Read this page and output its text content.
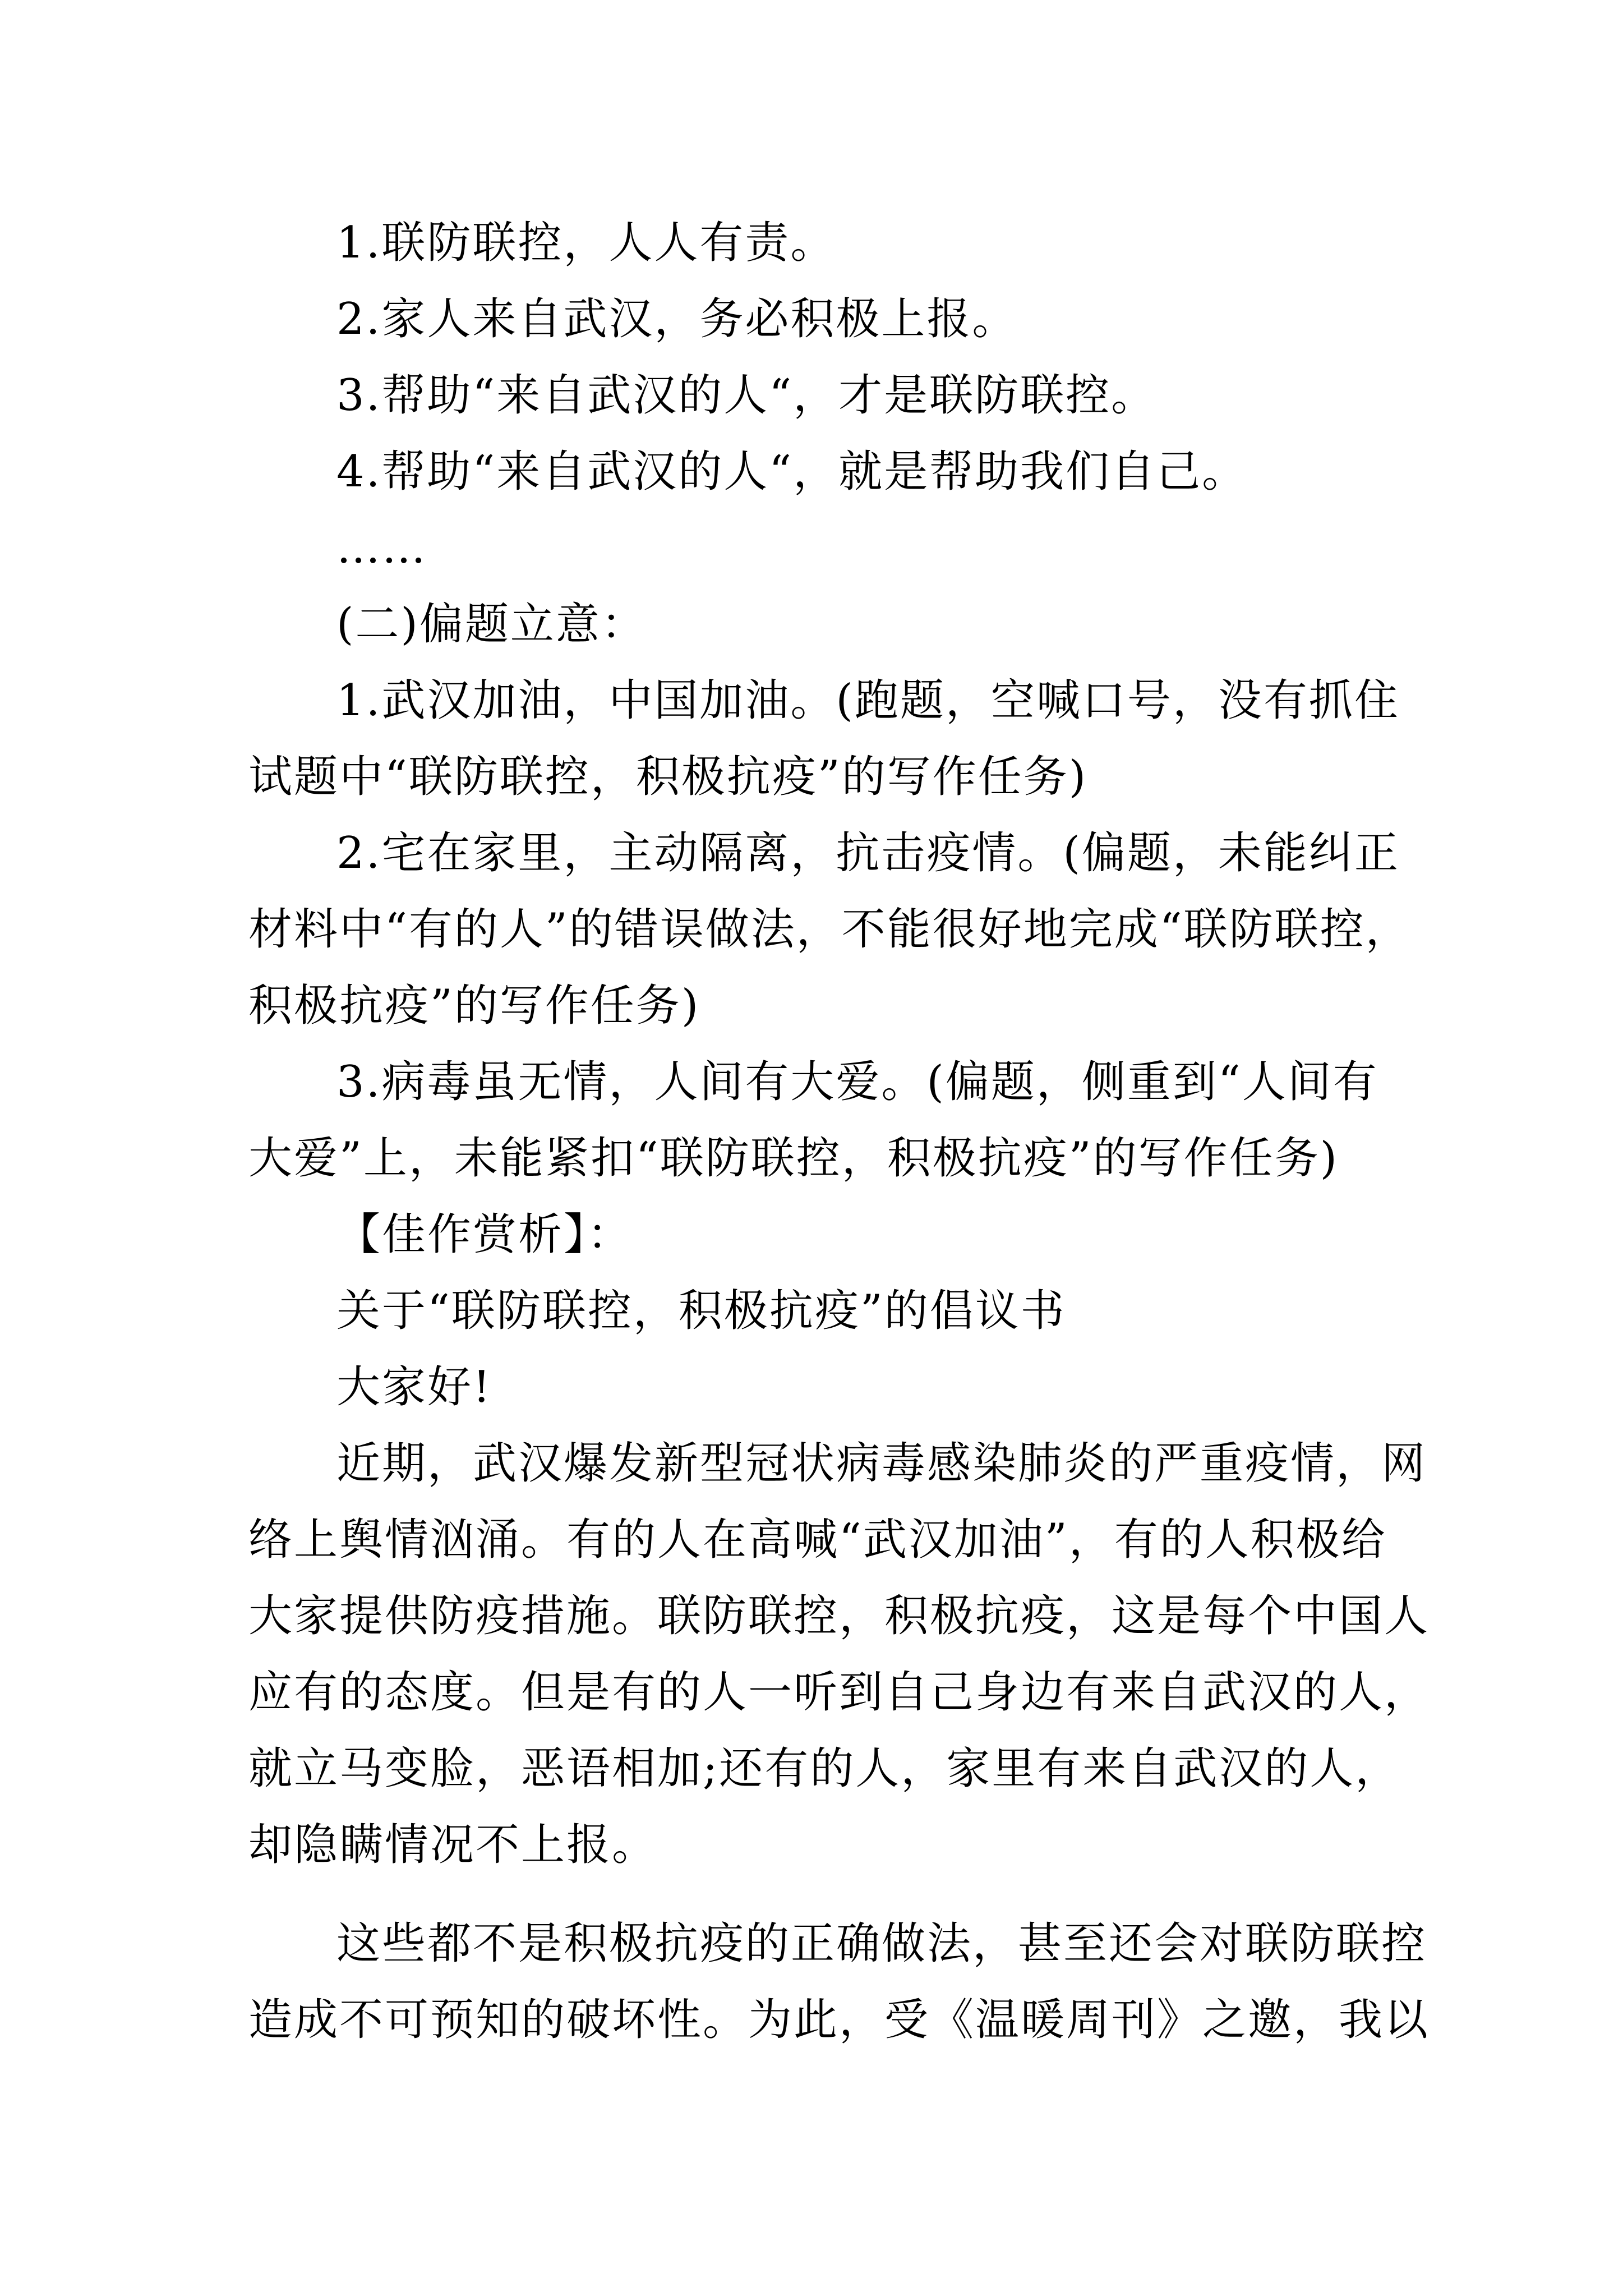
1.联防联控，人人有责。
2.家人来自武汉，务必积极上报。
3.帮助“来自武汉的人“，才是联防联控。
4.帮助“来自武汉的人“，就是帮助我们自己。
……
(二)偏题立意：
1.武汉加油，中国加油。(跑题，空喊口号，没有抓住
试题中“联防联控，积极抗疫”的写作任务)
2.宅在家里，主动隔离，抗击疫情。(偏题，未能纠正
材料中“有的人”的错误做法，不能很好地完成“联防联控，
积极抗疫”的写作任务)
3.病毒虽无情，人间有大爱。(偏题，侧重到“人间有
大爱”上，未能紧扣“联防联控，积极抗疫”的写作任务)
【佳作赏析】：
关于“联防联控，积极抗疫”的倡议书
大家好!
近期，武汉爆发新型冠状病毒感染肺炎的严重疫情，网
络上舆情汹涌。有的人在高喊“武汉加油”，有的人积极给
大家提供防疫措施。联防联控，积极抗疫，这是每个中国人
应有的态度。但是有的人一听到自己身边有来自武汉的人，
就立马变脸，恶语相加;还有的人，家里有来自武汉的人，
却隐瞒情况不上报。
这些都不是积极抗疫的正确做法，甚至还会对联防联控
造成不可预知的破坏性。为此，受《温暖周刊》之邀，我以
